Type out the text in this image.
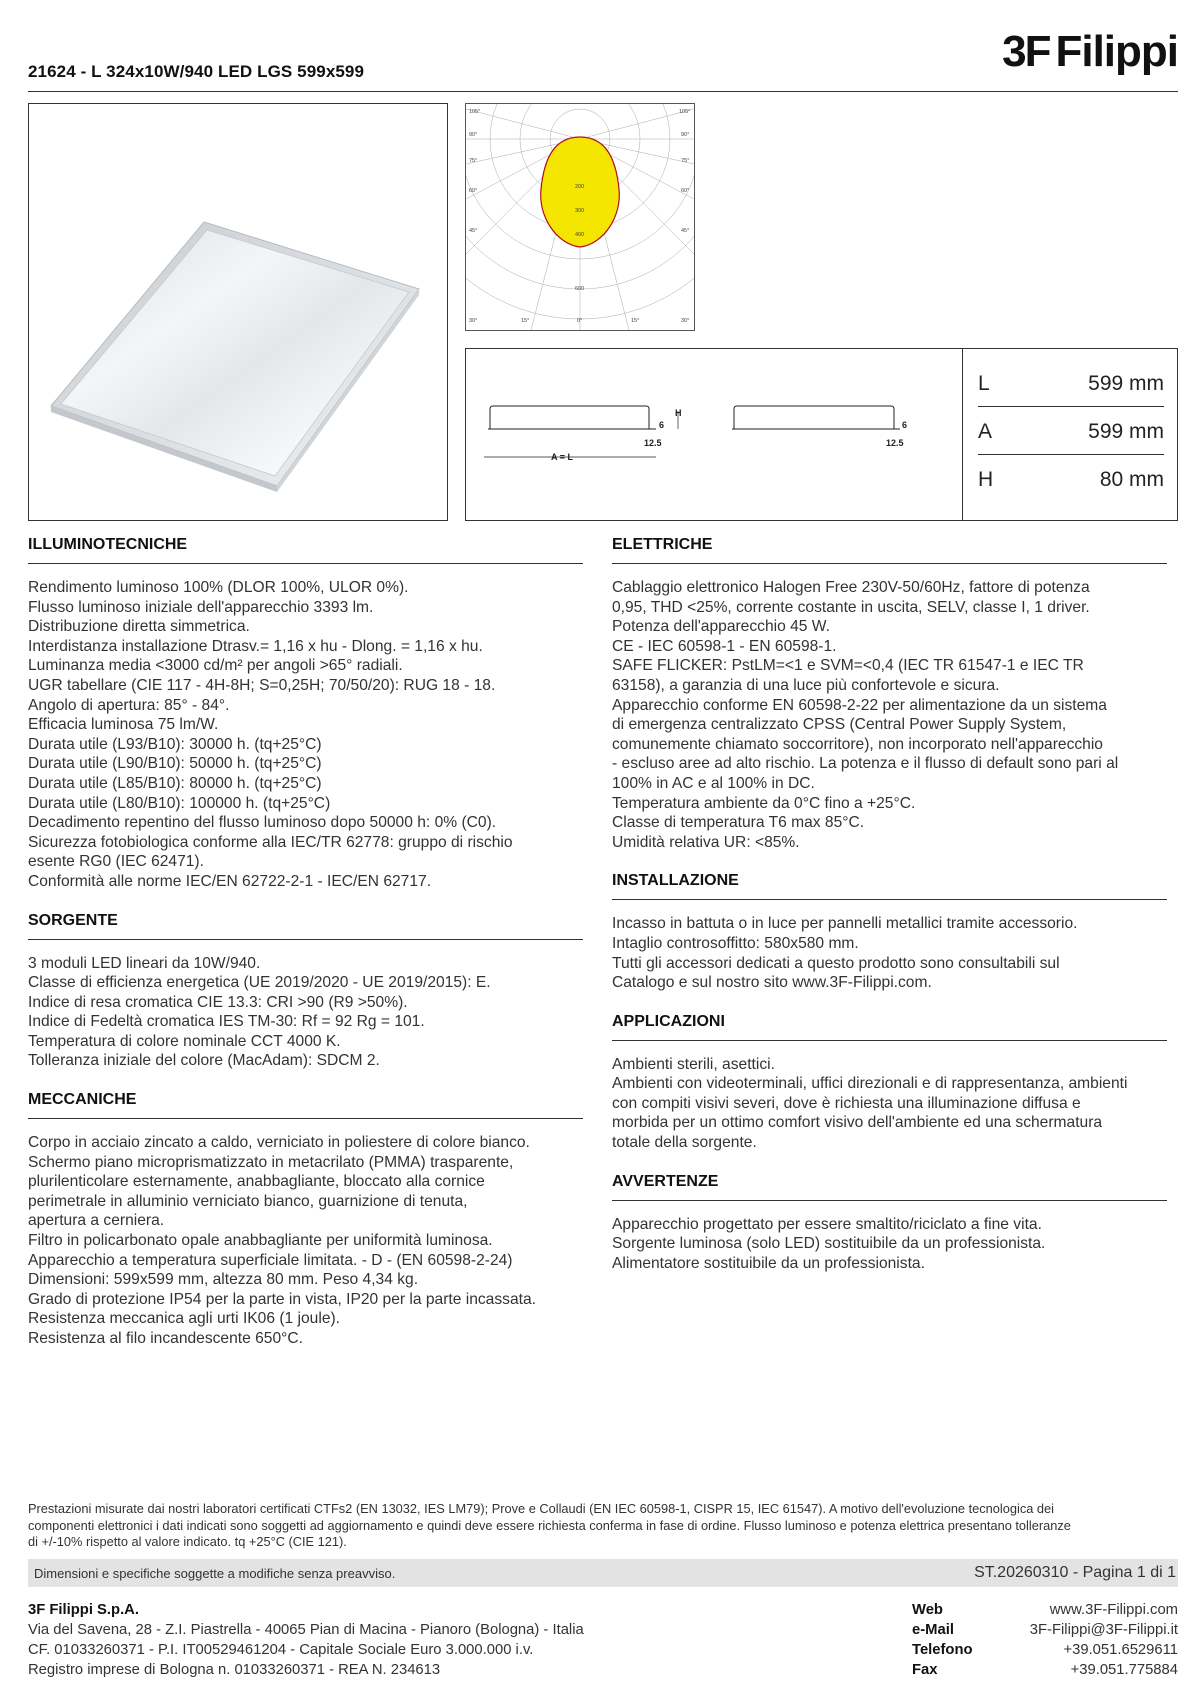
21624 - L 324x10W/940 LED LGS 599x599	3F Filippi
105°
90°
75°
60°
45°
30°
105°
90°
75°
60°
45°
30°
15°	0°	15°
200
300
400
600
A = L
H
6	6
12.5	12.5
L	599 mm
A	599 mm
H	80 mm
ILLUMINOTECNICHE
Rendimento luminoso 100% (DLOR 100%, ULOR 0%).
Flusso luminoso iniziale dell'apparecchio 3393 lm.
Distribuzione diretta simmetrica.
Interdistanza installazione Dtrasv.= 1,16 x hu - Dlong. = 1,16 x hu.
Luminanza media <3000 cd/m² per angoli >65° radiali.
UGR tabellare (CIE 117 - 4H-8H; S=0,25H; 70/50/20): RUG 18 - 18.
Angolo di apertura: 85° - 84°.
Efficacia luminosa 75 lm/W.
Durata utile (L93/B10): 30000 h. (tq+25°C)
Durata utile (L90/B10): 50000 h. (tq+25°C)
Durata utile (L85/B10): 80000 h. (tq+25°C)
Durata utile (L80/B10): 100000 h. (tq+25°C)
Decadimento repentino del flusso luminoso dopo 50000 h: 0% (C0).
Sicurezza fotobiologica conforme alla IEC/TR 62778: gruppo di rischio
esente RG0 (IEC 62471).
Conformità alle norme IEC/EN 62722-2-1 - IEC/EN 62717.
SORGENTE
3 moduli LED lineari da 10W/940.
Classe di efficienza energetica (UE 2019/2020 - UE 2019/2015): E.
Indice di resa cromatica CIE 13.3: CRI >90 (R9 >50%).
Indice di Fedeltà cromatica IES TM-30: Rf = 92 Rg = 101.
Temperatura di colore nominale CCT 4000 K.
Tolleranza iniziale del colore (MacAdam): SDCM 2.
MECCANICHE
Corpo in acciaio zincato a caldo, verniciato in poliestere di colore bianco.
Schermo piano microprismatizzato in metacrilato (PMMA) trasparente,
plurilenticolare esternamente, anabbagliante, bloccato alla cornice
perimetrale in alluminio verniciato bianco, guarnizione di tenuta,
apertura a cerniera.
Filtro in policarbonato opale anabbagliante per uniformità luminosa.
Apparecchio a temperatura superficiale limitata. - D - (EN 60598-2-24)
Dimensioni: 599x599 mm, altezza 80 mm. Peso 4,34 kg.
Grado di protezione IP54 per la parte in vista, IP20 per la parte incassata.
Resistenza meccanica agli urti IK06 (1 joule).
Resistenza al filo incandescente 650°C.
ELETTRICHE
Cablaggio elettronico Halogen Free 230V-50/60Hz, fattore di potenza
0,95, THD <25%, corrente costante in uscita, SELV, classe I, 1 driver.
Potenza dell'apparecchio 45 W.
CE - IEC 60598-1 - EN 60598-1.
SAFE FLICKER: PstLM=<1 e SVM=<0,4 (IEC TR 61547-1 e IEC TR
63158), a garanzia di una luce più confortevole e sicura.
Apparecchio conforme EN 60598-2-22 per alimentazione da un sistema
di emergenza centralizzato CPSS (Central Power Supply System,
comunemente chiamato soccorritore), non incorporato nell'apparecchio
- escluso aree ad alto rischio. La potenza e il flusso di default sono pari al
100% in AC e al 100% in DC.
Temperatura ambiente da 0°C fino a +25°C.
Classe di temperatura T6 max 85°C.
Umidità relativa UR: <85%.
INSTALLAZIONE
Incasso in battuta o in luce per pannelli metallici tramite accessorio.
Intaglio controsoffitto: 580x580 mm.
Tutti gli accessori dedicati a questo prodotto sono consultabili sul
Catalogo e sul nostro sito www.3F-Filippi.com.
APPLICAZIONI
Ambienti sterili, asettici.
Ambienti con videoterminali, uffici direzionali e di rappresentanza, ambienti
con compiti visivi severi, dove è richiesta una illuminazione diffusa e
morbida per un ottimo comfort visivo dell'ambiente ed una schermatura
totale della sorgente.
AVVERTENZE
Apparecchio progettato per essere smaltito/riciclato a fine vita.
Sorgente luminosa (solo LED) sostituibile da un professionista.
Alimentatore sostituibile da un professionista.
Prestazioni misurate dai nostri laboratori certificati CTFs2 (EN 13032, IES LM79); Prove e Collaudi (EN IEC 60598-1, CISPR 15, IEC 61547). A motivo dell'evoluzione tecnologica dei
componenti elettronici i dati indicati sono soggetti ad aggiornamento e quindi deve essere richiesta conferma in fase di ordine. Flusso luminoso e potenza elettrica presentano tolleranze
di +/-10% rispetto al valore indicato. tq +25°C (CIE 121).
Dimensioni e specifiche soggette a modifiche senza preavviso.	ST.20260310 - Pagina 1 di 1
3F Filippi S.p.A.
Via del Savena, 28 - Z.I. Piastrella - 40065 Pian di Macina - Pianoro (Bologna) - Italia
CF. 01033260371 - P.I. IT00529461204 - Capitale Sociale Euro 3.000.000 i.v.
Registro imprese di Bologna n. 01033260371 - REA N. 234613
Web	www.3F-Filippi.com
e-Mail	3F-Filippi@3F-Filippi.it
Telefono	+39.051.6529611
Fax	+39.051.775884
